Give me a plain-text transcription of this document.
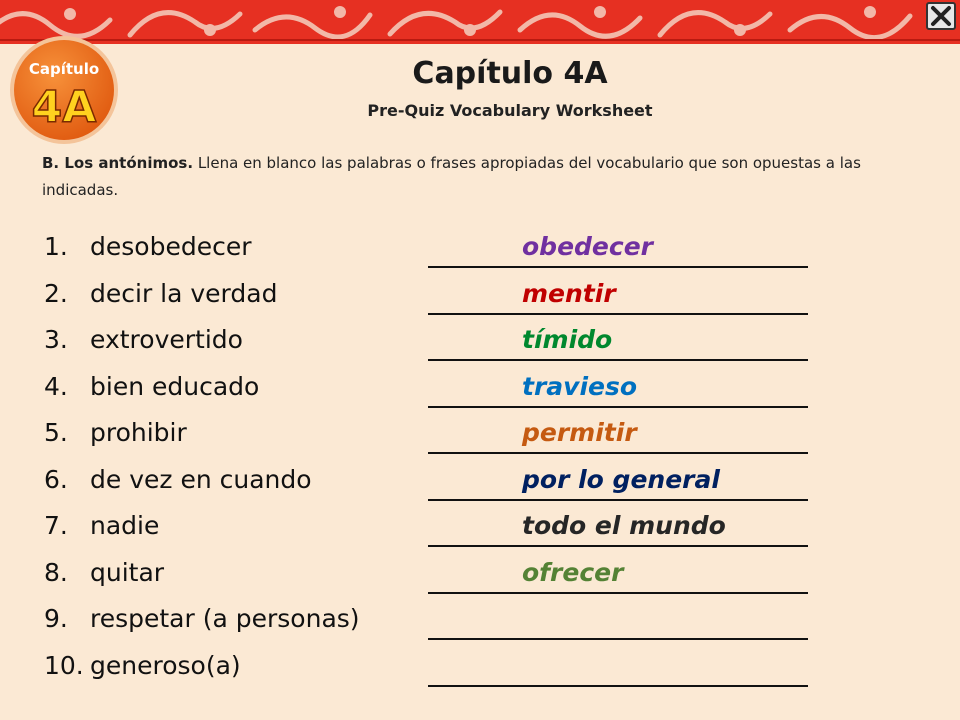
Capítulo
4A
Capítulo 4A
Pre-Quiz Vocabulary Worksheet
B. Los antónimos. Llena en blanco las palabras o frases apropiadas del vocabulario que son opuestas a las indicadas.
1. desobedecer	obedecer
2. decir la verdad	mentir
3. extrovertido	tímido
4. bien educado	travieso
5. prohibir	permitir
6. de vez en cuando	por lo general
7. nadie	todo el mundo
8. quitar	ofrecer
9. respetar (a personas)
10. generoso(a)
